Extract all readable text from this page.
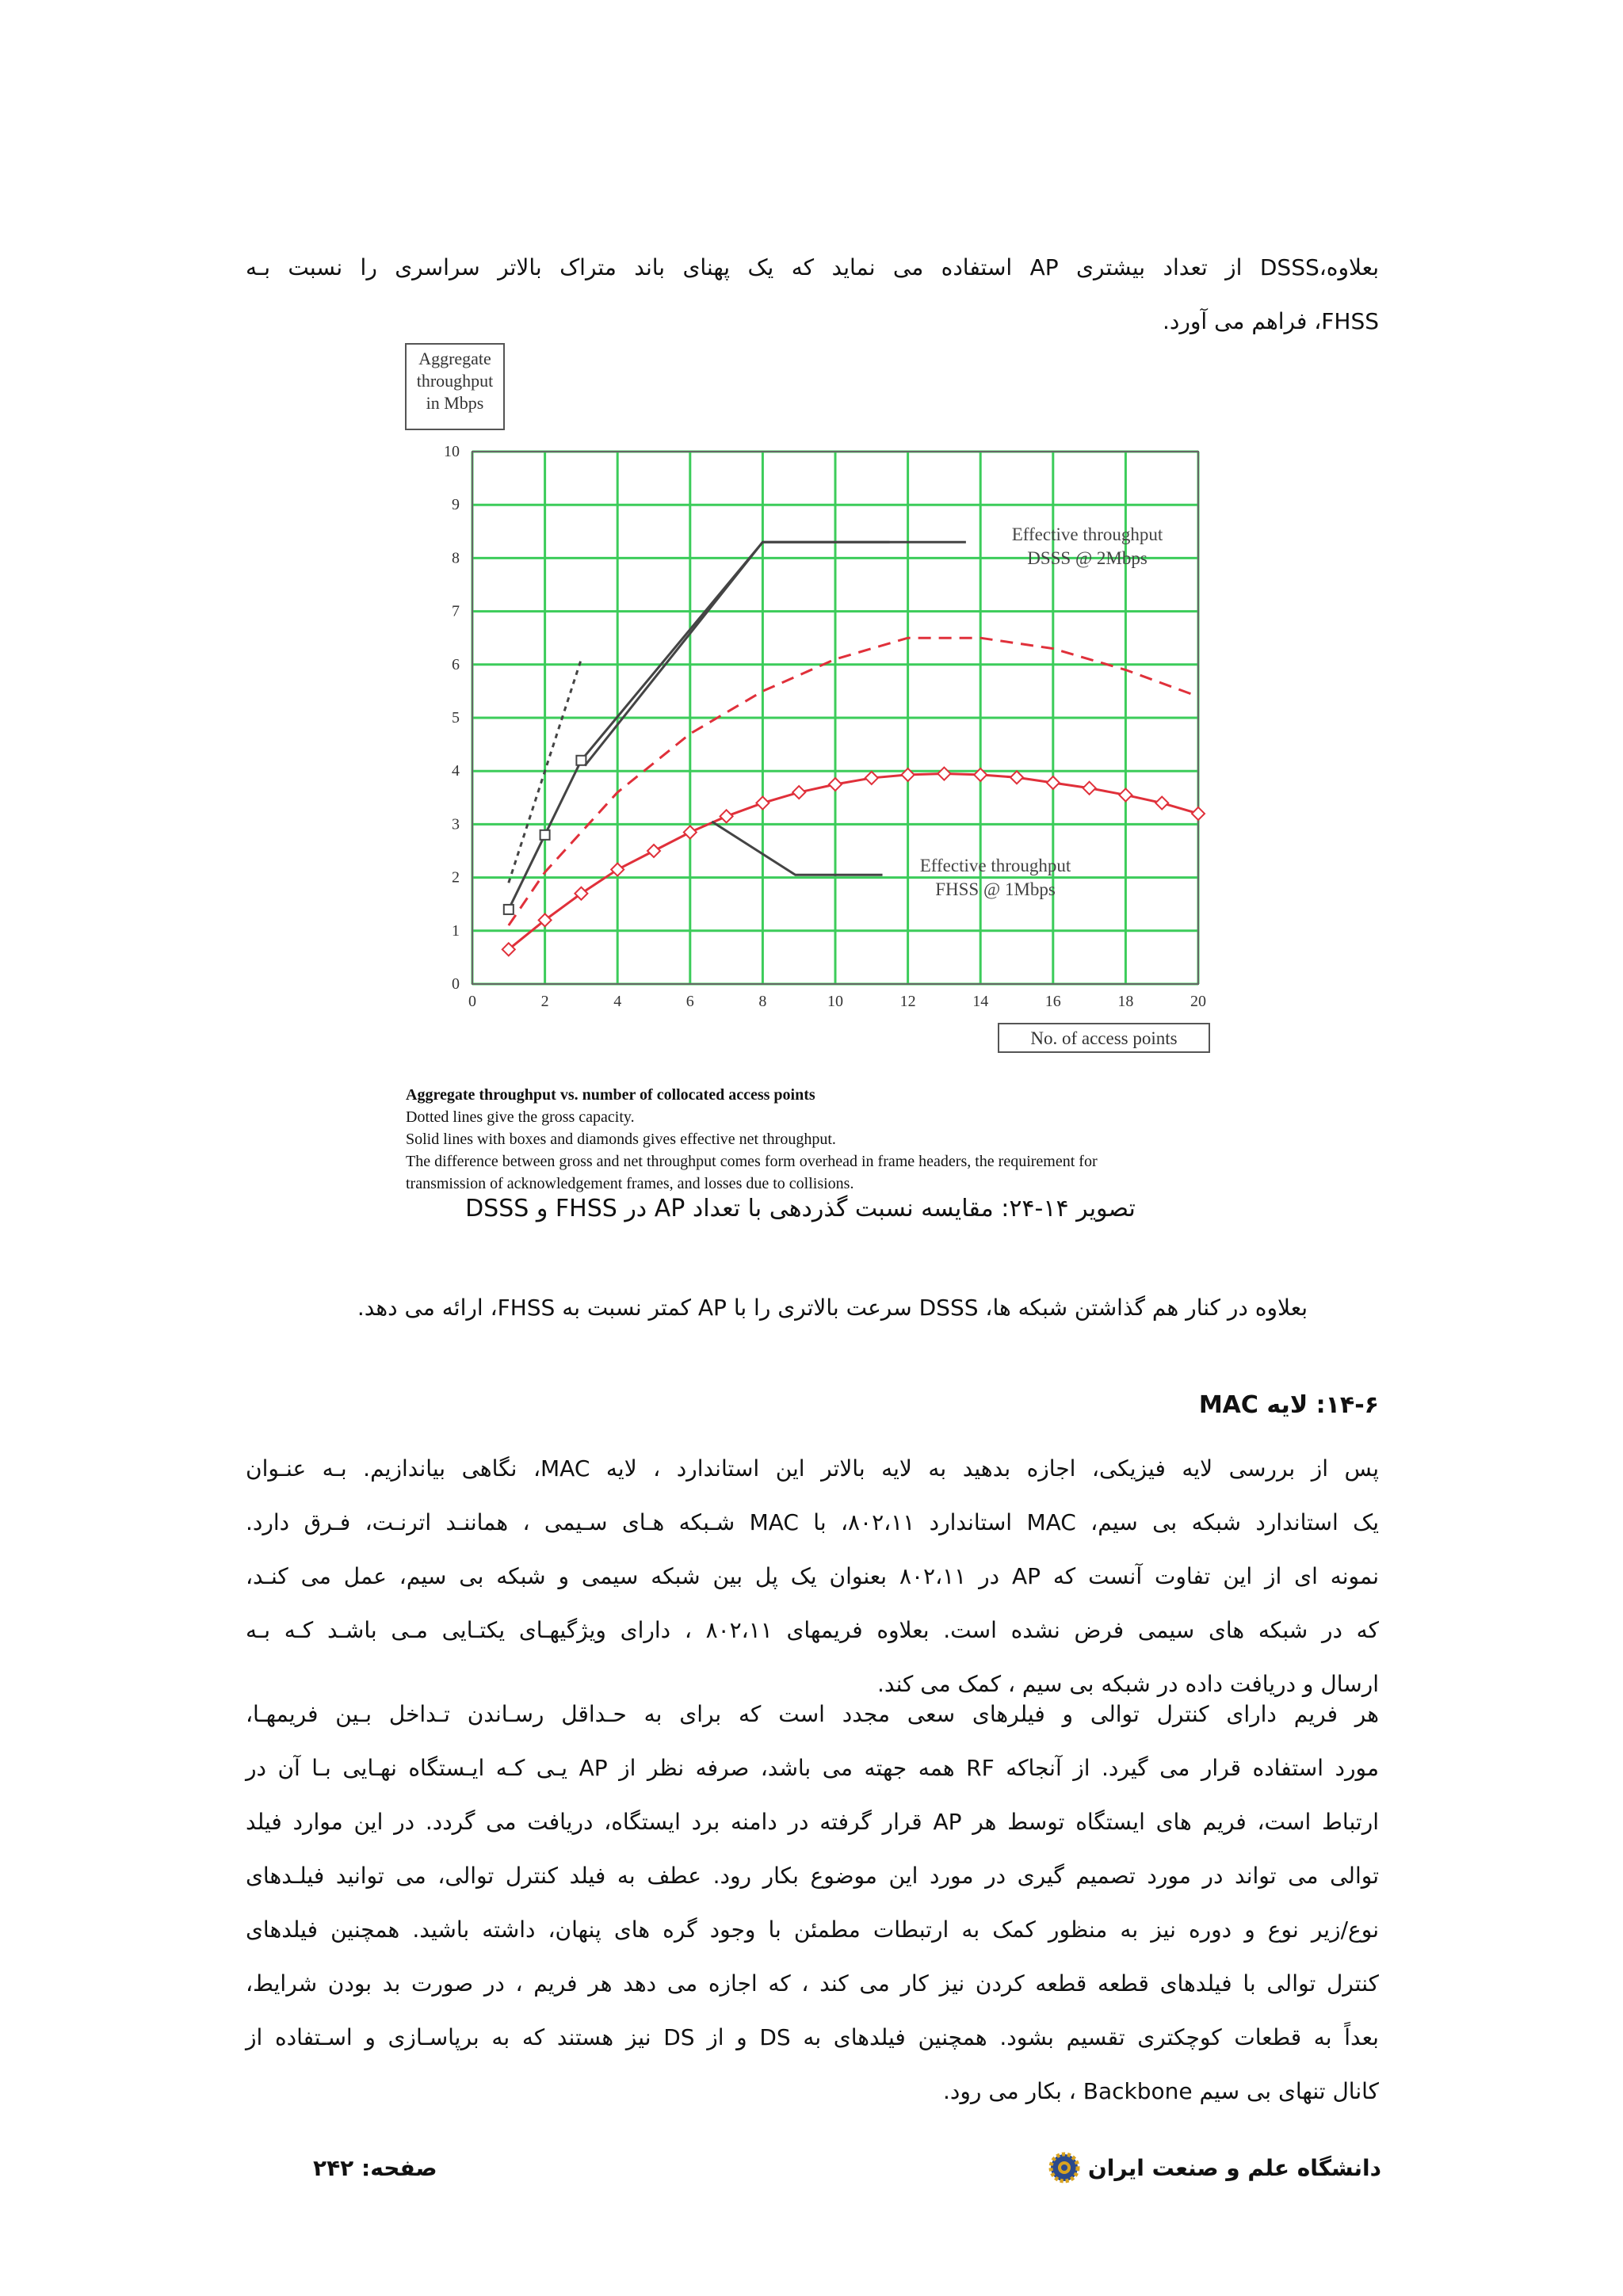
بعلاوه،DSSS از تعداد بیشتری AP استفاده می نماید که یک پهنای باند متراک بالاتر سراسری را نسبت بـه
FHSS، فراهم می آورد.
Aggregate
throughput
in Mbps
0	2	4	6	8	10	12	14	16	18	20
0
1
2
3
4
5
6
7
8
9
10
No. of access points
Effective throughput
DSSS @ 2Mbps
Effective throughput
FHSS @ 1Mbps
Aggregate throughput vs. number of collocated access points
Dotted lines give the gross capacity.
Solid lines with boxes and diamonds gives effective net throughput.
The difference between gross and net throughput comes form overhead in frame headers, the requirement for
transmission of acknowledgement frames, and losses due to collisions.
تصویر ۱۴-۲۴: مقایسه نسبت گذردهی با تعداد AP در FHSS و DSSS
بعلاوه در کنار هم گذاشتن شبکه ها، DSSS سرعت بالاتری را با AP کمتر نسبت به FHSS، ارائه می دهد.
۱۴-۶: لایه MAC
پس از بررسی لایه فیزیکی، اجازه بدهید به لایه بالاتر این استاندارد ، لایه MAC، نگاهی بیاندازیم. بـه عنـوان
یک استاندارد شبکه بی سیم، MAC استاندارد ۸۰۲،۱۱، با MAC شـبکه هـای سـیمی ، هماننـد اترنـت، فـرق دارد.
نمونه ای از این تفاوت آنست که AP در ۸۰۲،۱۱ بعنوان یک پل بین شبکه سیمی و شبکه بی سیم، عمل می کنـد،
که در شبکه های سیمی فرض نشده است. بعلاوه فریمهای ۸۰۲،۱۱ ، دارای ویژگیهـای یکتـایی مـی باشـد کـه بـه
ارسال و دریافت داده در شبکه بی سیم ، کمک می کند.
هر فریم دارای کنترل توالی و فیلرهای سعی مجدد است که برای به حـداقل رسـاندن تـداخل بـین فریمهـا،
مورد استفاده قرار می گیرد. از آنجاکه RF همه جهته می باشد، صرفه نظر از AP یـی کـه ایـستگاه نهـایی بـا آن در
ارتباط است، فریم های ایستگاه توسط هر AP قرار گرفته در دامنه برد ایستگاه، دریافت می گردد. در این موارد فیلد
توالی می تواند در مورد تصمیم گیری در مورد این موضوع بکار رود. عطف به فیلد کنترل توالی، می توانید فیلـدهای
نوع/زیر نوع و دوره نیز به منظور کمک به ارتبطات مطمئن با وجود گره های پنهان، داشته باشید. همچنین فیلدهای
کنترل توالی با فیلدهای قطعه قطعه کردن نیز کار می کند ، که اجازه می دهد هر فریم ، در صورت بد بودن شرایط،
بعداً به قطعات کوچکتری تقسیم بشود. همچنین فیلدهای به DS و از DS نیز هستند که به برپاسـازی و اسـتفاده از
کانال تنهای بی سیم Backbone ، بکار می رود.
صفحه: ۲۴۲	دانشگاه علم و صنعت ایران
